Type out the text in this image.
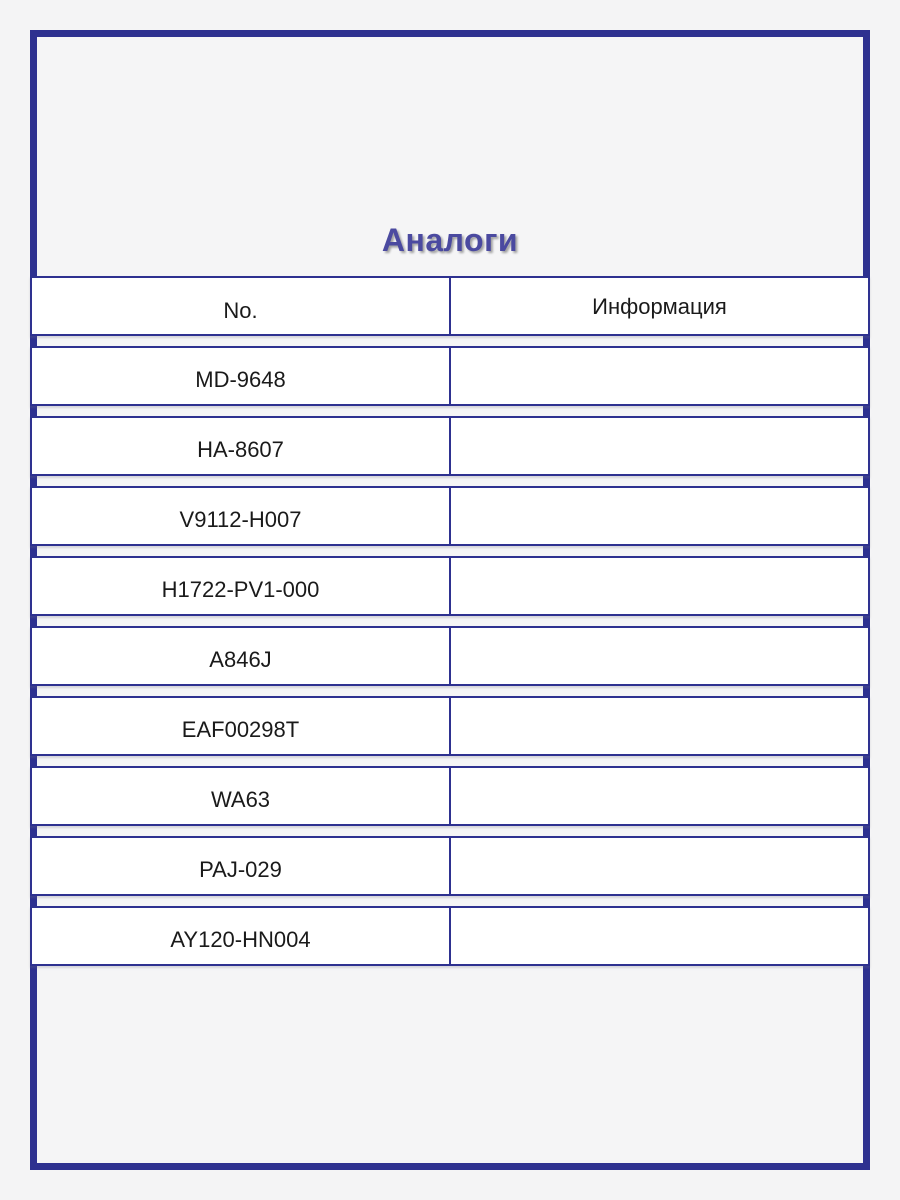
Аналоги
No.	Информация
MD-9648
HA-8607
V9112-H007
H1722-PV1-000
A846J
EAF00298T
WA63
PAJ-029
AY120-HN004
